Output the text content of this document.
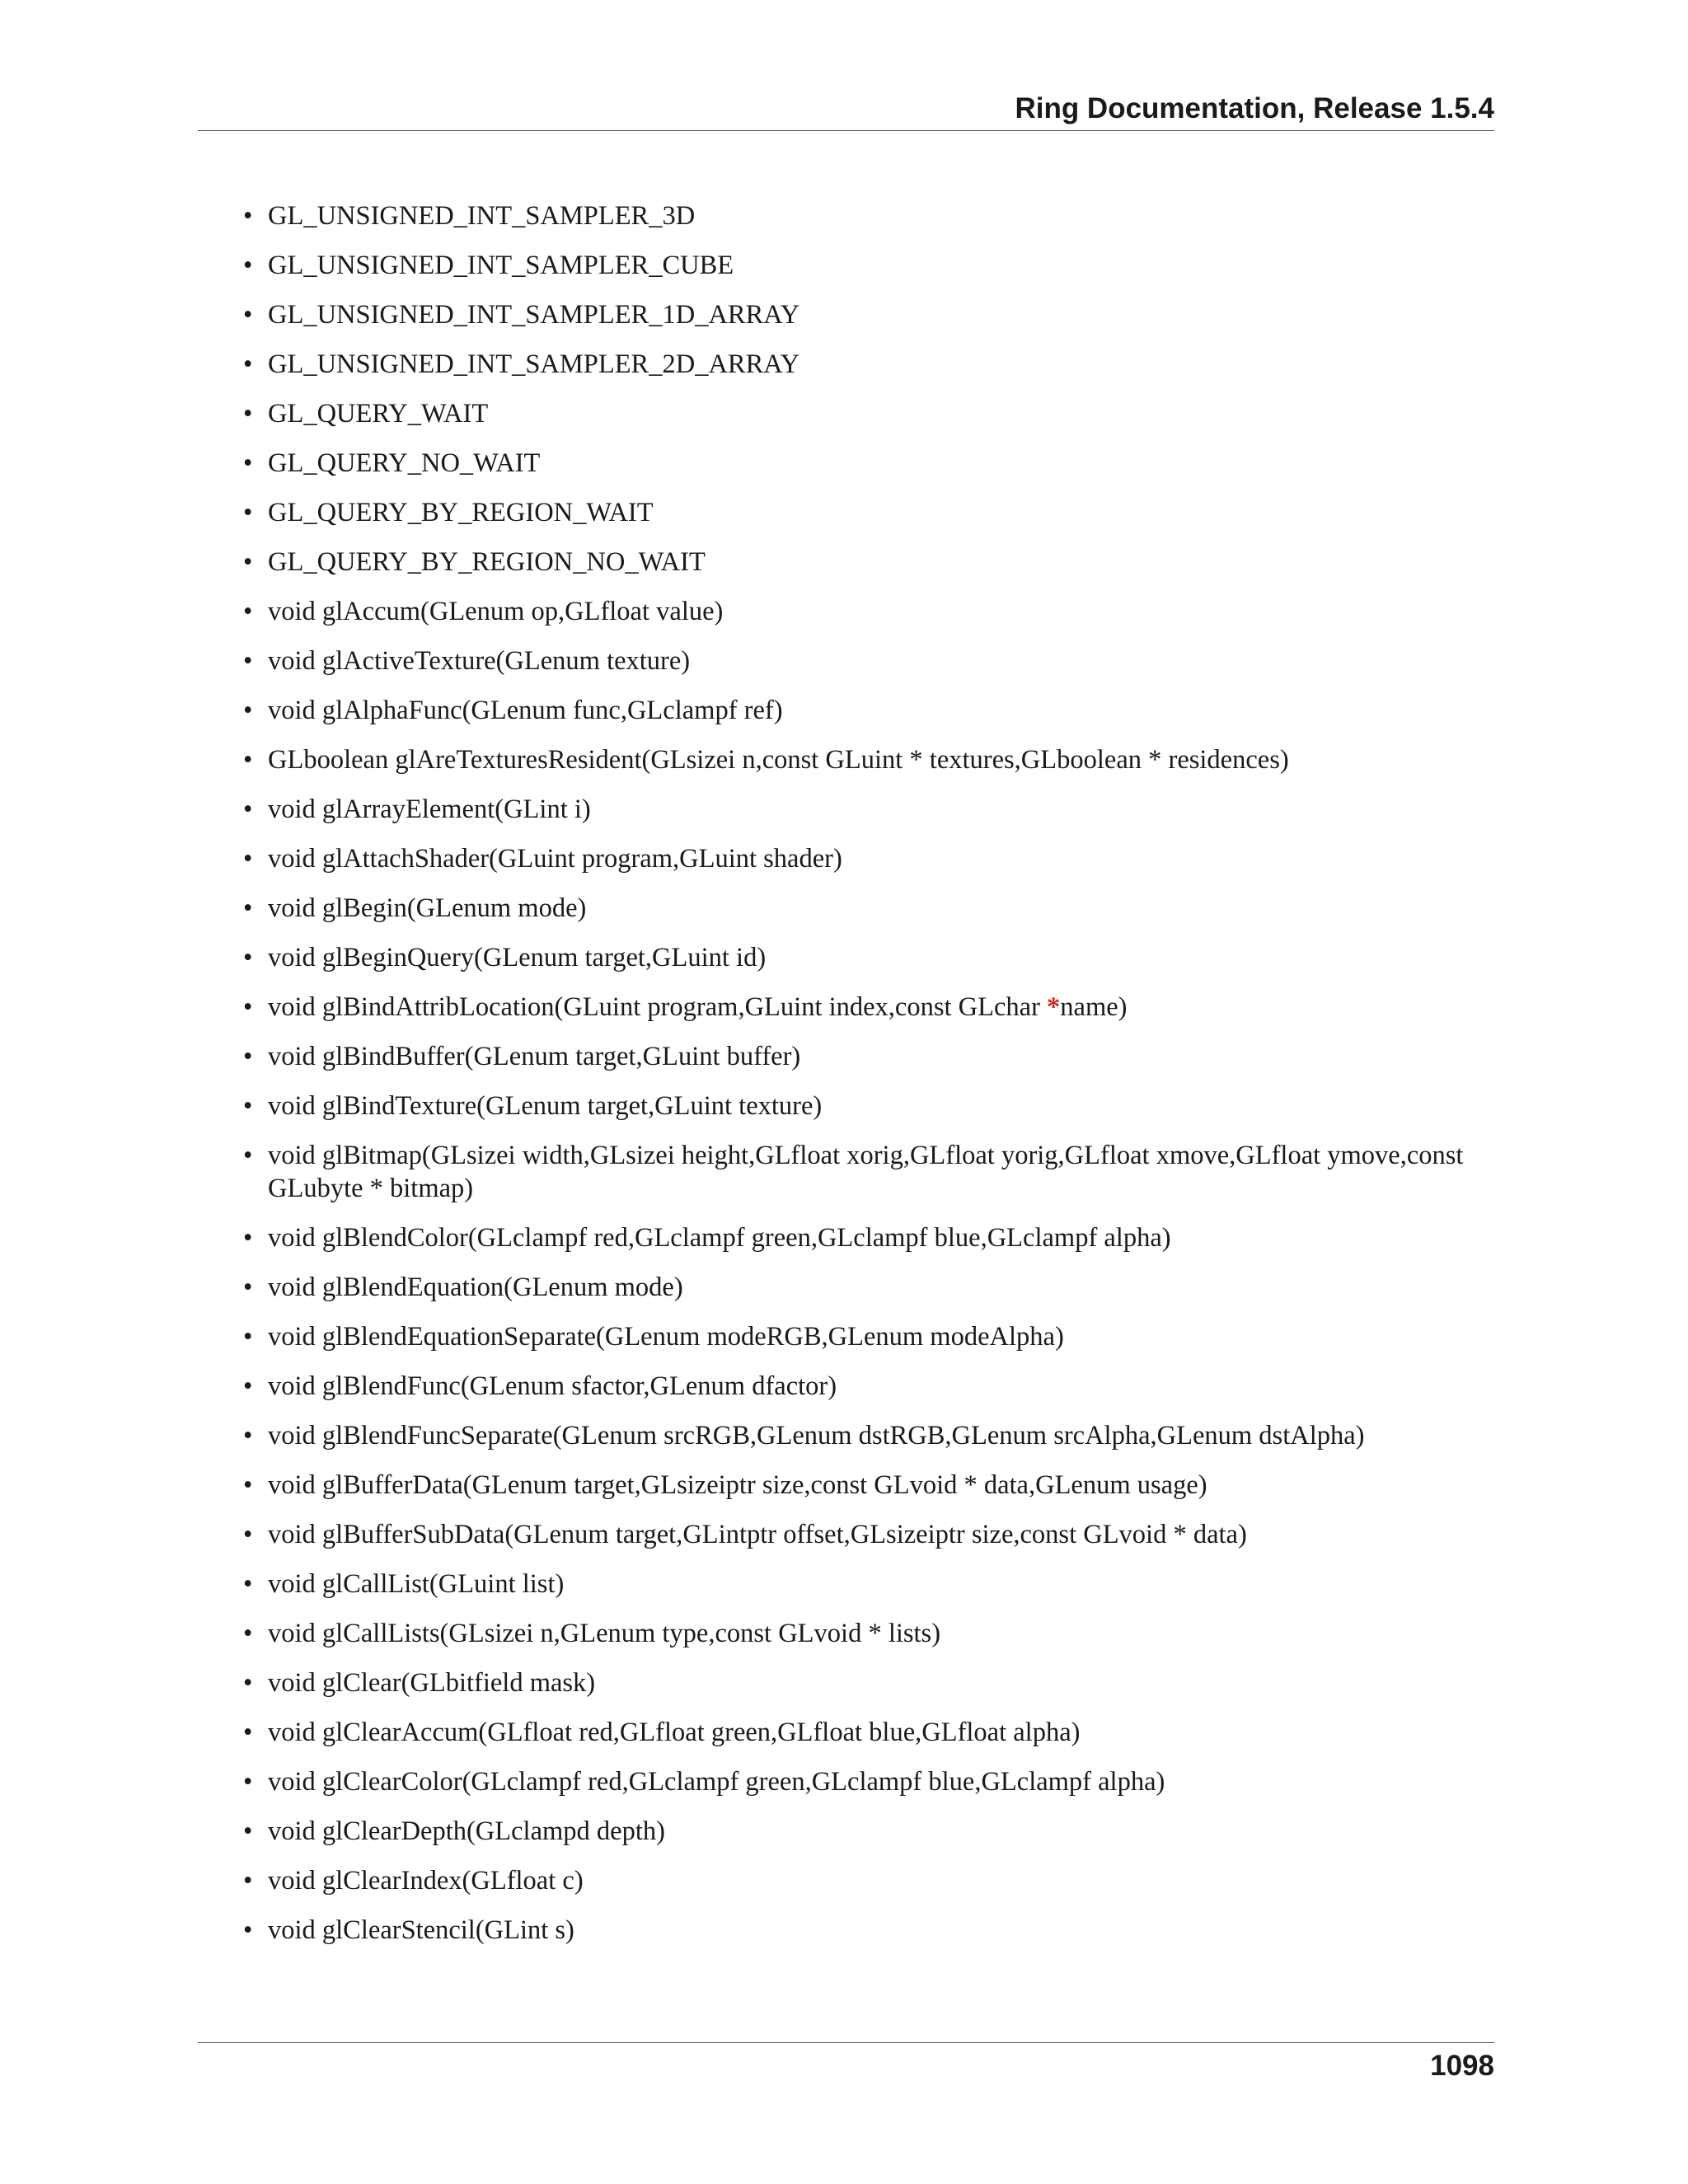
Ring Documentation, Release 1.5.4
• GL_UNSIGNED_INT_SAMPLER_3D
• GL_UNSIGNED_INT_SAMPLER_CUBE
• GL_UNSIGNED_INT_SAMPLER_1D_ARRAY
• GL_UNSIGNED_INT_SAMPLER_2D_ARRAY
• GL_QUERY_WAIT
• GL_QUERY_NO_WAIT
• GL_QUERY_BY_REGION_WAIT
• GL_QUERY_BY_REGION_NO_WAIT
• void glAccum(GLenum op,GLfloat value)
• void glActiveTexture(GLenum texture)
• void glAlphaFunc(GLenum func,GLclampf ref)
• GLboolean glAreTexturesResident(GLsizei n,const GLuint * textures,GLboolean * residences)
• void glArrayElement(GLint i)
• void glAttachShader(GLuint program,GLuint shader)
• void glBegin(GLenum mode)
• void glBeginQuery(GLenum target,GLuint id)
• void glBindAttribLocation(GLuint program,GLuint index,const GLchar *name)
• void glBindBuffer(GLenum target,GLuint buffer)
• void glBindTexture(GLenum target,GLuint texture)
• void glBitmap(GLsizei width,GLsizei height,GLfloat xorig,GLfloat yorig,GLfloat xmove,GLfloat ymove,const GLubyte * bitmap)
• void glBlendColor(GLclampf red,GLclampf green,GLclampf blue,GLclampf alpha)
• void glBlendEquation(GLenum mode)
• void glBlendEquationSeparate(GLenum modeRGB,GLenum modeAlpha)
• void glBlendFunc(GLenum sfactor,GLenum dfactor)
• void glBlendFuncSeparate(GLenum srcRGB,GLenum dstRGB,GLenum srcAlpha,GLenum dstAlpha)
• void glBufferData(GLenum target,GLsizeiptr size,const GLvoid * data,GLenum usage)
• void glBufferSubData(GLenum target,GLintptr offset,GLsizeiptr size,const GLvoid * data)
• void glCallList(GLuint list)
• void glCallLists(GLsizei n,GLenum type,const GLvoid * lists)
• void glClear(GLbitfield mask)
• void glClearAccum(GLfloat red,GLfloat green,GLfloat blue,GLfloat alpha)
• void glClearColor(GLclampf red,GLclampf green,GLclampf blue,GLclampf alpha)
• void glClearDepth(GLclampd depth)
• void glClearIndex(GLfloat c)
• void glClearStencil(GLint s)
1098
